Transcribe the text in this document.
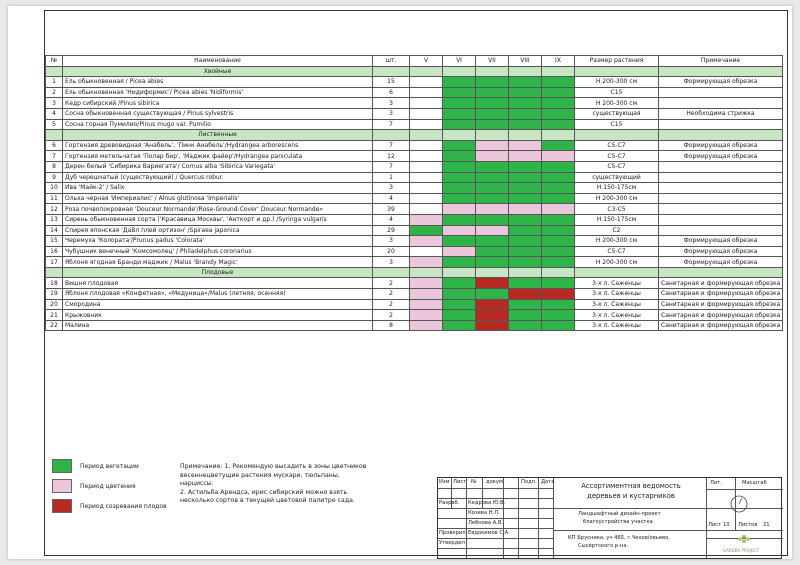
№	Наименование	шт.	V	VI	VII	VIII	IX	Размер растения	Примечание
	Хвойные								
1	Ель обыкновенная / Picea abies	15						Н 200-300 см	Формирующая обрезка
2	Ель обыкновенная 'Нидиформис'/ Picea abies 'Nidiformis'	6						С15	
3	Кедр сибирский /Pinus sibirica	3						Н 200-300 см	
4	Сосна обыкновенная существующая / Pinus sylvestris	3						существующая	Необходима стрижка
5	Сосна горная Пумилио/Pinus mugo var. Pumilio	7						С15	
	Лиственные								
6	Гортензия древовидная 'Анабель', 'Пинк Анабель'/Hydrangea arborescens	7						С5-С7	Формирующая обрезка
7	Гортензия метельчатая 'Полар бир', 'Маджик файер'/Hydrangea paniculata	12						С5-С7	Формирующая обрезка
8	Дерен белый 'Сибирика Вариегата'/ Cornus alba 'Sibirica Variegata'	7						С5-С7	
9	Дуб черешчатый (существующий) / Quercus robur	1						существующий	
10	Ива 'Майк-2' / Salix	3						Н 150-175см	
11	Ольха черная 'Империалис' / Alnus glutinosa 'Imperialis'	4						Н 200-300 см	
12	Роза почвопокровная 'Douceur Normande'/Rose-Ground-Cover' Douceur Normande»	39						С3-С5	
13	Сирень обыкновенная сорта ('Красавица Москвы', 'Анткорт и др.) /Syringa vulgaris	4						Н 150-175см	
14	Спирея японская 'ДаВл плей ортизон' /Spiraea japonica	29						С2	
15	Черемуха 'Колората'/Prunus padus 'Colorata'	3						Н 200-300 см	Формирующая обрезка
16	Чубушник венечный 'Комсомолец' / Philadelphus coronarius	20						С5-С7	Формирующая обрезка
17	Яблоня ягодная Бранди маджик / Malus 'Brandy Magic'	3						Н 200-300 см	Формирующая обрезка
	Плодовые								
18	Вишня плодовая	2						3-х л. Саженцы	Санитарная и формирующая обрезка
19	Яблоня плодовая «Конфетная», «Медуница»/Malus (летняя, осенняя)	2						3-х л. Саженцы	Санитарная и формирующая обрезка
20	Смородина	2						3-х л. Саженцы	Санитарная и формирующая обрезка
21	Крыжовник	2						3-х л. Саженцы	Санитарная и формирующая обрезка
22	Малина	8						3-х л. Саженцы	Санитарная и формирующая обрезка
Период вегетации
Период цветения
Период созревания плодов
Примечание: 1. Рекомендую высадить в зоны цветников
весеннецветущие растения мускари, тюльпаны,
нарциссы.
2. Астильба Арендса, ирис сибирский можно взять
несколько сортов в текущей цветовой палитре сада.
Изм Лист № докум.	Подп. Дата
Разраб.
Проверил
Утвердил
Кедрова Ю.В.
Козева Н.Л.
Лебнова А.В.
Евдокимов С.А.
Ассортиментная ведомость деревьев и кустарников
Ландшафтный дизайн-проект
благоустройства участка
КП Брусника, уч 465, г.Чехов/овьево,
Сысертского р-на.
Лит.	Масштаб
Лист 10 Листов 21
GARDEN PROJECT
